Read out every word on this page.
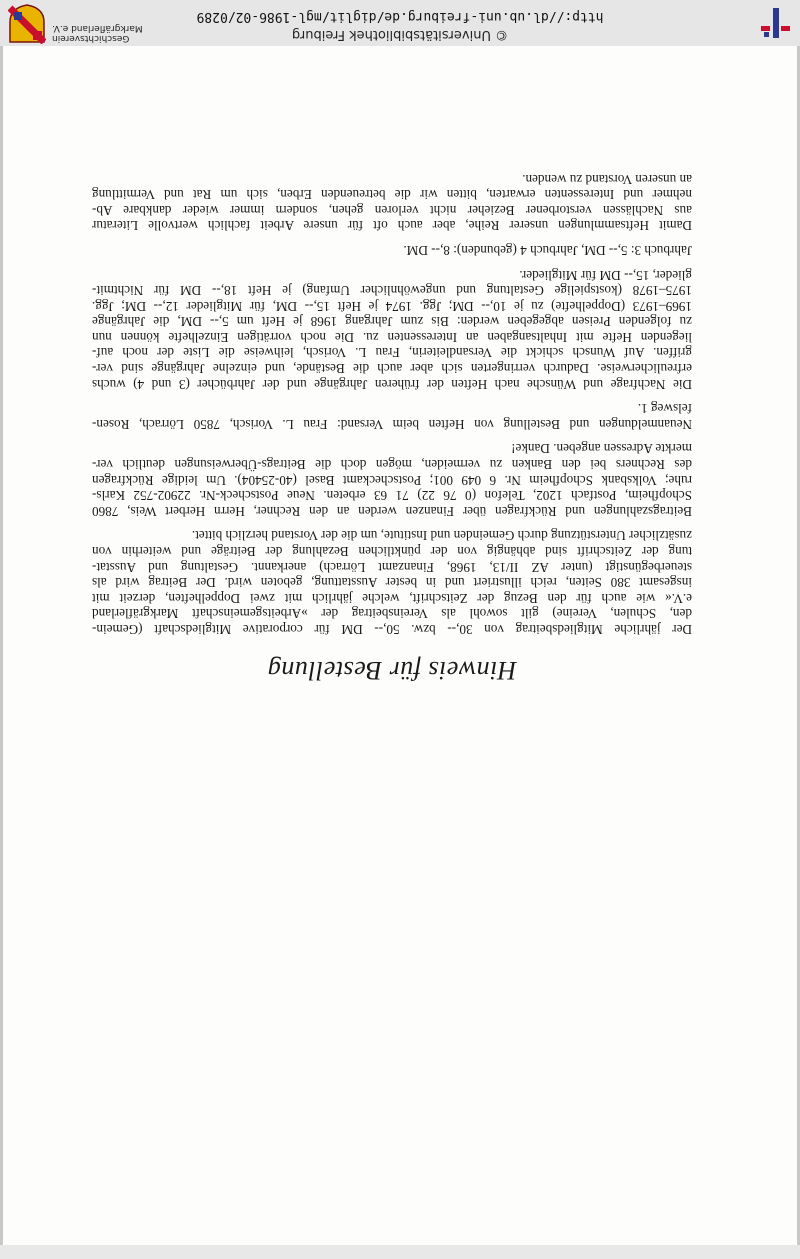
Hinweis für Bestellung

Der jährliche Mitgliedsbeitrag von 30,-- bzw. 50,-- DM für corporative Mitgliedschaft (Gemein-
den, Schulen, Vereine) gilt sowohl als Vereinsbeitrag der »Arbeitsgemeinschaft Markgräflerland
e.V.« wie auch für den Bezug der Zeitschrift, welche jährlich mit zwei Doppelheften, derzeit mit
insgesamt 380 Seiten, reich illustriert und in bester Ausstattung, geboten wird. Der Beitrag wird als
steuerbegünstigt (unter AZ II/13, 1968, Finanzamt Lörrach) anerkannt. Gestaltung und Ausstat-
tung der Zeitschrift sind abhängig von der pünktlichen Bezahlung der Beiträge und weiterhin von
zusätzlicher Unterstützung durch Gemeinden und Institute, um die der Vorstand herzlich bittet.

Beitragszahlungen und Rückfragen über Finanzen werden an den Rechner, Herrn Herbert Weis, 7860
Schopfheim, Postfach 1202, Telefon (0 76 22) 71 63 erbeten. Neue Postscheck-Nr. 22902-752 Karls-
ruhe; Volksbank Schopfheim Nr. 6 049 001; Postscheckamt Basel (40-25404). Um leidige Rückfragen
des Rechners bei den Banken zu vermeiden, mögen doch die Beitrags-Überweisungen deutlich ver-
merkte Adressen angeben. Danke!

Neuanmeldungen und Bestellung von Heften beim Versand: Frau L. Vorisch, 7850 Lörrach, Rosen-
felsweg 1.

Die Nachfrage und Wünsche nach Heften der früheren Jahrgänge und der Jahrbücher (3 und 4) wuchs
erfreulicherweise. Dadurch verringerten sich aber auch die Bestände, und einzelne Jahrgänge sind ver-
griffen. Auf Wunsch schickt die Versandleiterin, Frau L. Vorisch, leihweise die Liste der noch auf-
liegenden Hefte mit Inhaltsangaben an Interessenten zu. Die noch vorrätigen Einzelhefte können nun
zu folgenden Preisen abgegeben werden: Bis zum Jahrgang 1968 je Heft um 5,-- DM, die Jahrgänge
1969–1973 (Doppelhefte) zu je 10,-- DM; Jgg. 1974 je Heft 15,-- DM, für Mitglieder 12,-- DM; Jgg.
1975–1978 (kostspielige Gestaltung und ungewöhnlicher Umfang) je Heft 18,-- DM für Nichtmit-
glieder, 15,-- DM für Mitglieder.

Jahrbuch 3: 5,-- DM, Jahrbuch 4 (gebunden): 8,-- DM.

Damit Heftsammlungen unserer Reihe, aber auch oft für unsere Arbeit fachlich wertvolle Literatur
aus Nachlässen verstorbener Bezieher nicht verloren gehen, sondern immer wieder dankbare Ab-
nehmer und Interessenten erwarten, bitten wir die betreuenden Erben, sich um Rat und Vermittlung
an unseren Vorstand zu wenden.

© Universitätsbibliothek Freiburg
http://dl.ub.uni-freiburg.de/diglit/mgl-1986-02/0289
Geschichtsverein
Markgräflerland e.V.
